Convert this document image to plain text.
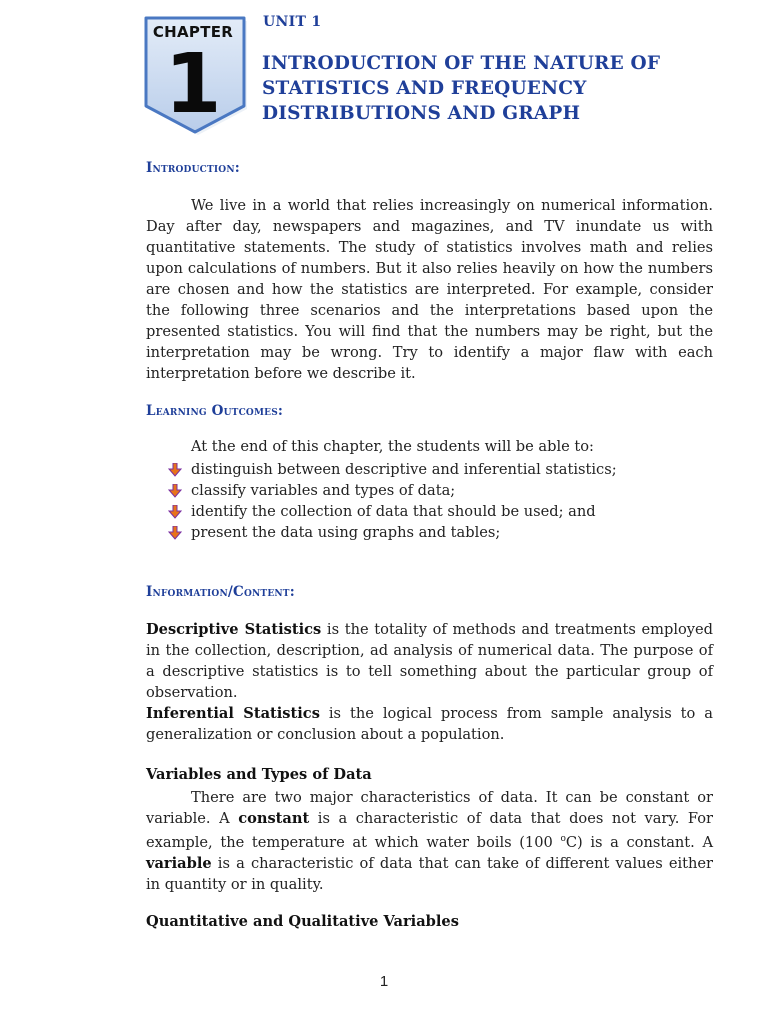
CHAPTER
1
UNIT 1
INTRODUCTION OF THE NATURE OF
STATISTICS AND FREQUENCY
DISTRIBUTIONS AND GRAPH
Introduction:
We live in a world that relies increasingly on numerical information. Day after day, newspapers and magazines, and TV inundate us with quantitative statements. The study of statistics involves math and relies upon calculations of numbers. But it also relies heavily on how the numbers are chosen and how the statistics are interpreted. For example, consider the following three scenarios and the interpretations based upon the presented statistics. You will find that the numbers may be right, but the interpretation may be wrong. Try to identify a major flaw with each interpretation before we describe it.
Learning Outcomes:
At the end of this chapter, the students will be able to:
distinguish between descriptive and inferential statistics;
classify variables and types of data;
identify the collection of data that should be used; and
present the data using graphs and tables;
Information/Content:
Descriptive Statistics is the totality of methods and treatments employed in the collection, description, ad analysis of numerical data. The purpose of a descriptive statistics is to tell something about the particular group of observation.
Inferential Statistics is the logical process from sample analysis to a generalization or conclusion about a population.
Variables and Types of Data
There are two major characteristics of data. It can be constant or variable. A constant is a characteristic of data that does not vary. For example, the temperature at which water boils (100 $^o$C) is a constant. A variable is a characteristic of data that can take of different values either in quantity or in quality.
Quantitative and Qualitative Variables
1
